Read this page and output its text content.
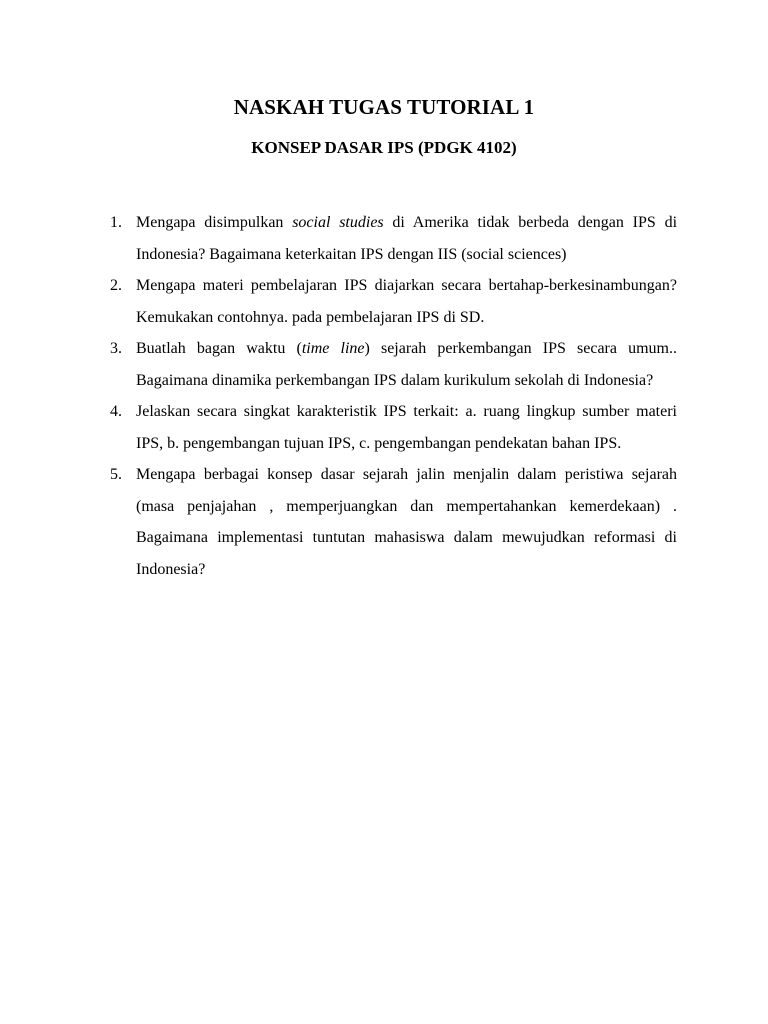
NASKAH TUGAS TUTORIAL 1
KONSEP DASAR IPS (PDGK 4102)
1. Mengapa disimpulkan social studies di Amerika tidak berbeda dengan IPS di Indonesia? Bagaimana keterkaitan IPS dengan IIS (social sciences)
2. Mengapa materi pembelajaran IPS diajarkan secara bertahap-berkesinambungan? Kemukakan contohnya. pada pembelajaran IPS di SD.
3. Buatlah bagan waktu (time line) sejarah perkembangan IPS secara umum.. Bagaimana dinamika perkembangan IPS dalam kurikulum sekolah di Indonesia?
4. Jelaskan secara singkat karakteristik IPS terkait: a. ruang lingkup sumber materi IPS, b. pengembangan tujuan IPS, c. pengembangan pendekatan bahan IPS.
5. Mengapa berbagai konsep dasar sejarah jalin menjalin dalam peristiwa sejarah (masa penjajahan , memperjuangkan dan mempertahankan kemerdekaan) . Bagaimana implementasi tuntutan mahasiswa dalam mewujudkan reformasi di Indonesia?
